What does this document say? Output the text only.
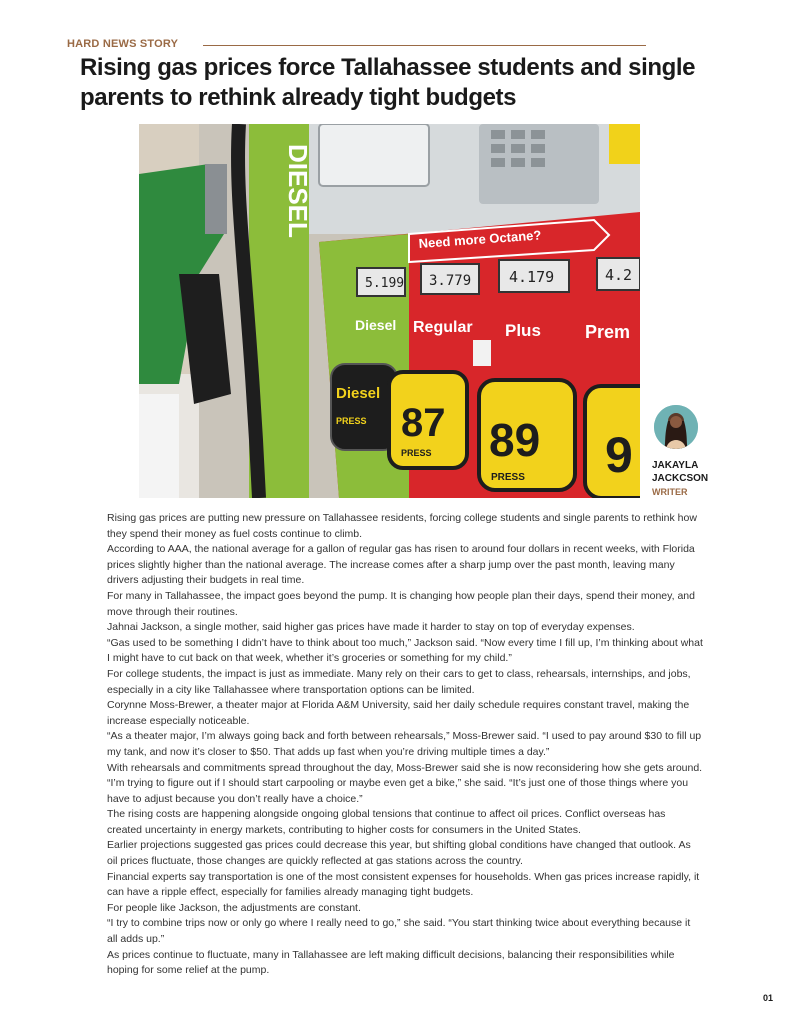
HARD NEWS STORY
Rising gas prices force Tallahassee students and single parents to rethink already tight budgets
DIESEL
Need more Octane?
5.199 3.779	4.179	4.2
Diesel Regular Plus Prem
Diesel
PRESS 87
PRESS 89
PRESS 9 JAKAYLA JACKCSON
WRITER

Rising gas prices are putting new pressure on Tallahassee residents, forcing college students and single parents to rethink how they spend their money as fuel costs continue to climb.

According to AAA, the national average for a gallon of regular gas has risen to around four dollars in recent weeks, with Florida prices slightly higher than the national average. The increase comes after a sharp jump over the past month, leaving many drivers adjusting their budgets in real time.

For many in Tallahassee, the impact goes beyond the pump. It is changing how people plan their days, spend their money, and move through their routines.

Jahnai Jackson, a single mother, said higher gas prices have made it harder to stay on top of everyday expenses.

“Gas used to be something I didn’t have to think about too much,” Jackson said. “Now every time I fill up, I’m thinking about what I might have to cut back on that week, whether it’s groceries or something for my child.”

For college students, the impact is just as immediate. Many rely on their cars to get to class, rehearsals, internships, and jobs, especially in a city like Tallahassee where transportation options can be limited.

Corynne Moss-Brewer, a theater major at Florida A&M University, said her daily schedule requires constant travel, making the increase especially noticeable.

“As a theater major, I’m always going back and forth between rehearsals,” Moss-Brewer said. “I used to pay around $30 to fill up my tank, and now it’s closer to $50. That adds up fast when you’re driving multiple times a day.”

With rehearsals and commitments spread throughout the day, Moss-Brewer said she is now reconsidering how she gets around.

“I’m trying to figure out if I should start carpooling or maybe even get a bike,” she said. “It’s just one of those things where you have to adjust because you don’t really have a choice.”

The rising costs are happening alongside ongoing global tensions that continue to affect oil prices. Conflict overseas has created uncertainty in energy markets, contributing to higher costs for consumers in the United States.

Earlier projections suggested gas prices could decrease this year, but shifting global conditions have changed that outlook. As oil prices fluctuate, those changes are quickly reflected at gas stations across the country.

Financial experts say transportation is one of the most consistent expenses for households. When gas prices increase rapidly, it can have a ripple effect, especially for families already managing tight budgets.

For people like Jackson, the adjustments are constant.

“I try to combine trips now or only go where I really need to go,” she said. “You start thinking twice about everything because it all adds up.”

As prices continue to fluctuate, many in Tallahassee are left making difficult decisions, balancing their responsibilities while hoping for some relief at the pump.

01
